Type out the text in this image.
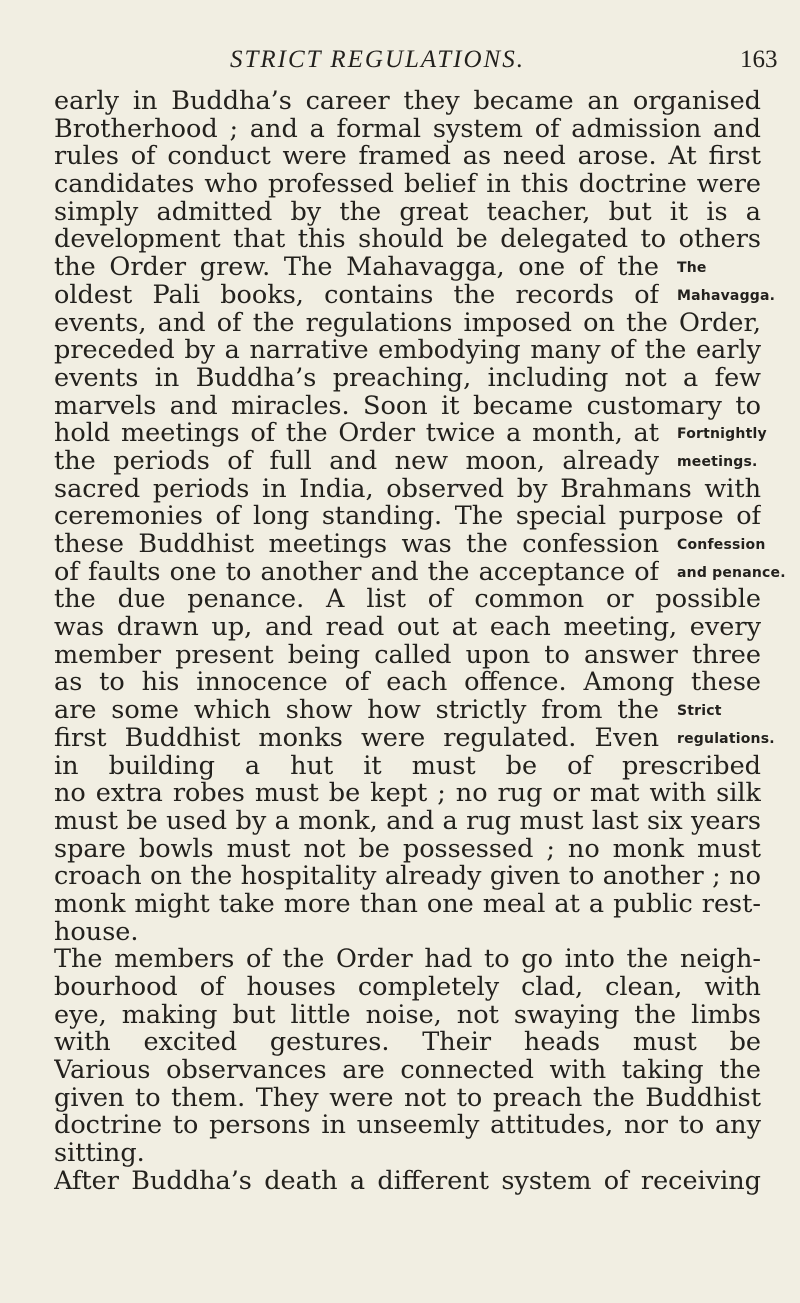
STRICT REGULATIONS.	163
early in Buddha’s career they became an organised
Brotherhood ; and a formal system of admission and
rules of conduct were framed as need arose. At first
candidates who professed belief in this doctrine were
simply admitted by the great teacher, but it is a
development that this should be delegated to others
the Order grew. The Mahavagga, one of the The
oldest Pali books, contains the records of Mahavagga.
events, and of the regulations imposed on the Order,
preceded by a narrative embodying many of the early
events in Buddha’s preaching, including not a few
marvels and miracles. Soon it became customary to
hold meetings of the Order twice a month, at Fortnightly
the periods of full and new moon, already meetings.
sacred periods in India, observed by Brahmans with
ceremonies of long standing. The special purpose of
these Buddhist meetings was the confession Confession
of faults one to another and the acceptance of and penance.
the due penance. A list of common or possible
was drawn up, and read out at each meeting, every
member present being called upon to answer three
as to his innocence of each offence. Among these
are some which show how strictly from the Strict
first Buddhist monks were regulated. Even regulations.
in building a hut it must be of prescribed
no extra robes must be kept ; no rug or mat with silk
must be used by a monk, and a rug must last six years
spare bowls must not be possessed ; no monk must
croach on the hospitality already given to another ; no
monk might take more than one meal at a public rest-
house.
The members of the Order had to go into the neigh-
bourhood of houses completely clad, clean, with
eye, making but little noise, not swaying the limbs
with excited gestures. Their heads must be
Various observances are connected with taking the
given to them. They were not to preach the Buddhist
doctrine to persons in unseemly attitudes, nor to any
sitting.
After Buddha’s death a different system of receiving
